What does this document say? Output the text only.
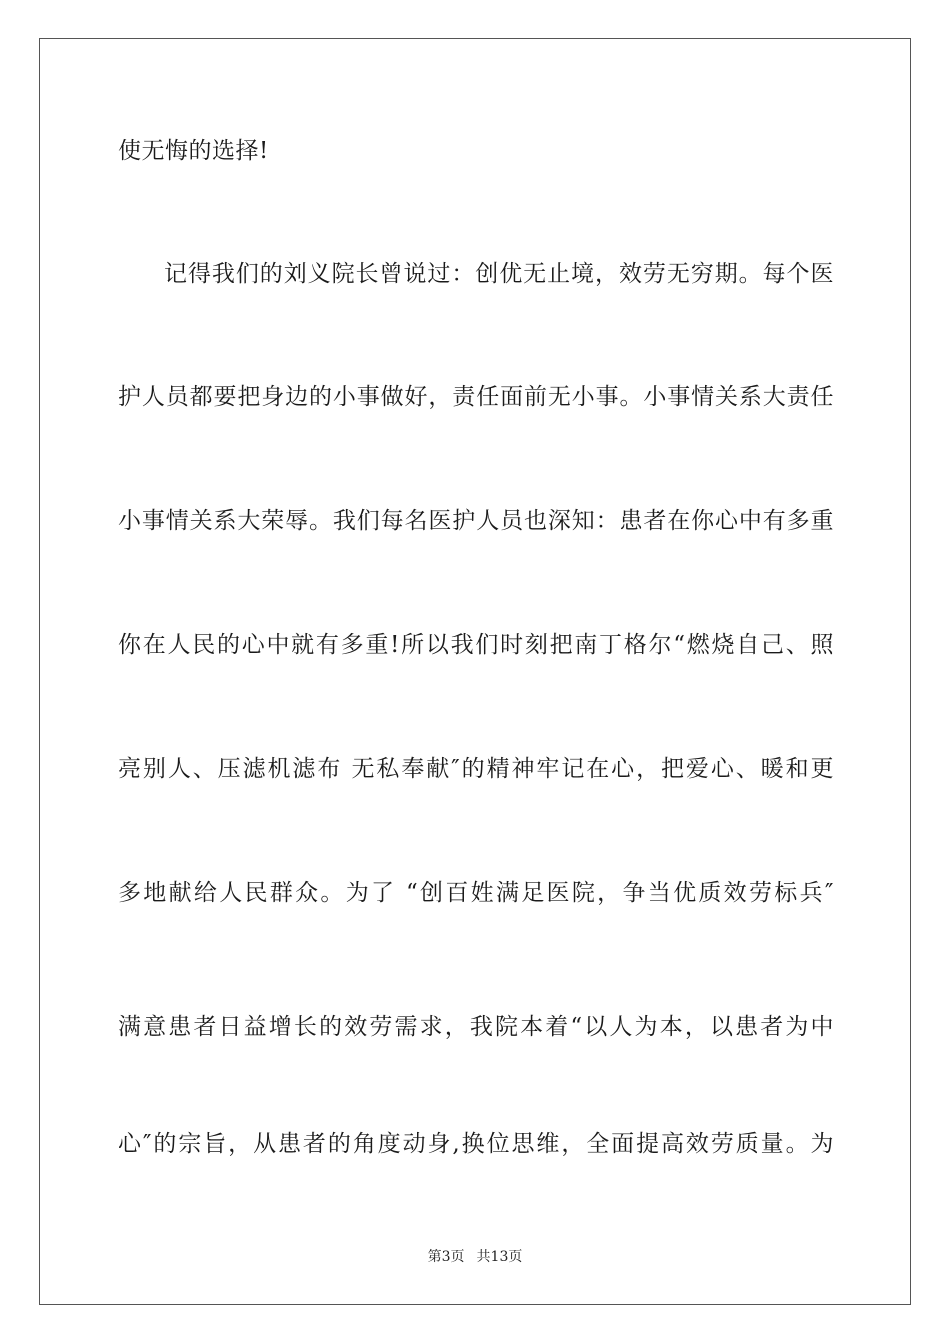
使无悔的选择!
记得我们的刘义院长曾说过：创优无止境，效劳无穷期。每个医
护人员都要把身边的小事做好，责任面前无小事。小事情关系大责任
小事情关系大荣辱。我们每名医护人员也深知：患者在你心中有多重
你在人民的心中就有多重!所以我们时刻把南丁格尔“燃烧自己、照
亮别人、压滤机滤布 无私奉献″的精神牢记在心，把爱心、暖和更
多地献给人民群众。为了 “创百姓满足医院，争当优质效劳标兵″
满意患者日益增长的效劳需求，我院本着“以人为本，以患者为中
心″的宗旨，从患者的角度动身,换位思维，全面提高效劳质量。为
第3页 共13页
